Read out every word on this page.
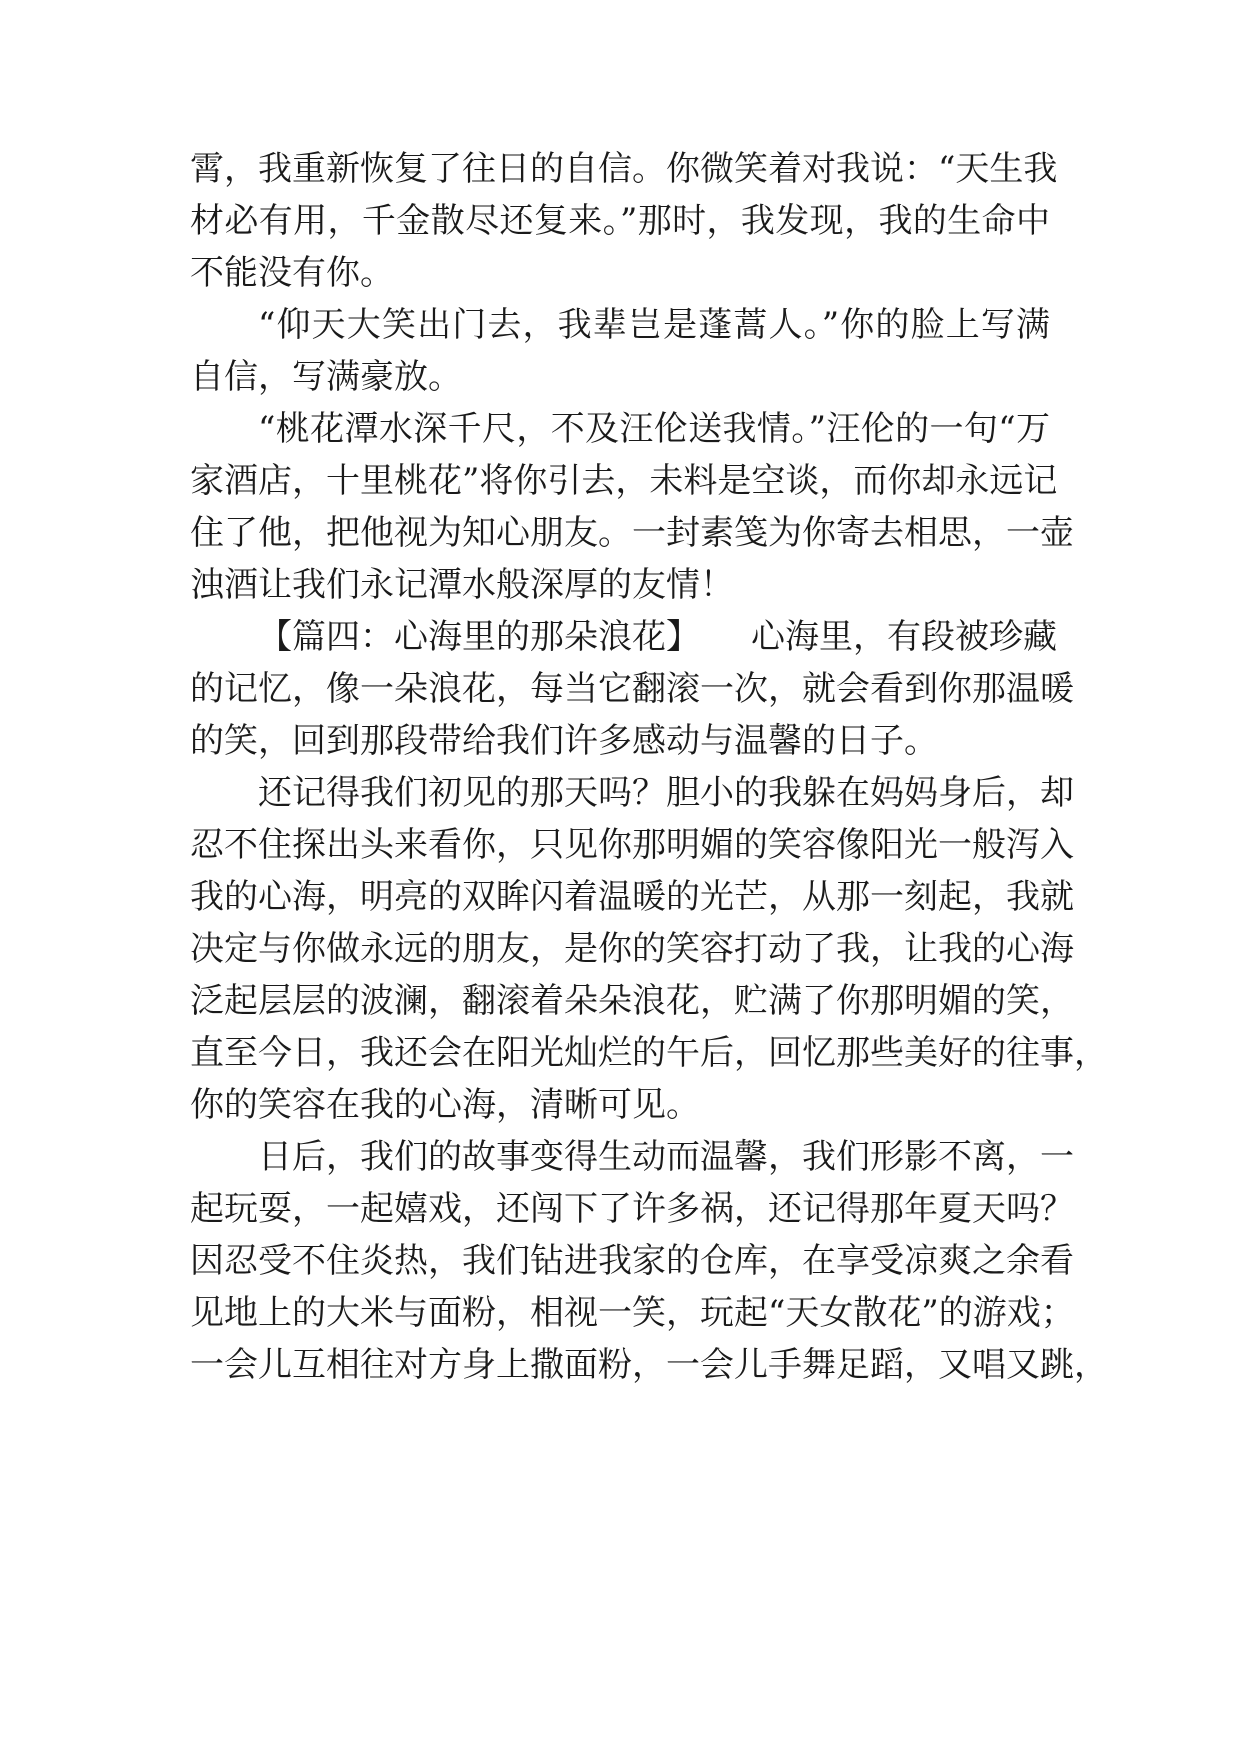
霄，我重新恢复了往日的自信。你微笑着对我说：“天生我
材必有用，千金散尽还复来。”那时，我发现，我的生命中
不能没有你。
“仰天大笑出门去，我辈岂是蓬蒿人。”你的脸上写满
自信，写满豪放。
“桃花潭水深千尺，不及汪伦送我情。”汪伦的一句“万
家酒店，十里桃花”将你引去，未料是空谈，而你却永远记
住了他，把他视为知心朋友。一封素笺为你寄去相思，一壶
浊酒让我们永记潭水般深厚的友情！
【篇四：心海里的那朵浪花】　　心海里，有段被珍藏
的记忆，像一朵浪花，每当它翻滚一次，就会看到你那温暖
的笑，回到那段带给我们许多感动与温馨的日子。
还记得我们初见的那天吗？胆小的我躲在妈妈身后，却
忍不住探出头来看你，只见你那明媚的笑容像阳光一般泻入
我的心海，明亮的双眸闪着温暖的光芒，从那一刻起，我就
决定与你做永远的朋友，是你的笑容打动了我，让我的心海
泛起层层的波澜，翻滚着朵朵浪花，贮满了你那明媚的笑，
直至今日，我还会在阳光灿烂的午后，回忆那些美好的往事，
你的笑容在我的心海，清晰可见。
日后，我们的故事变得生动而温馨，我们形影不离，一
起玩耍，一起嬉戏，还闯下了许多祸，还记得那年夏天吗？
因忍受不住炎热，我们钻进我家的仓库，在享受凉爽之余看
见地上的大米与面粉，相视一笑，玩起“天女散花”的游戏；
一会儿互相往对方身上撒面粉，一会儿手舞足蹈，又唱又跳，
